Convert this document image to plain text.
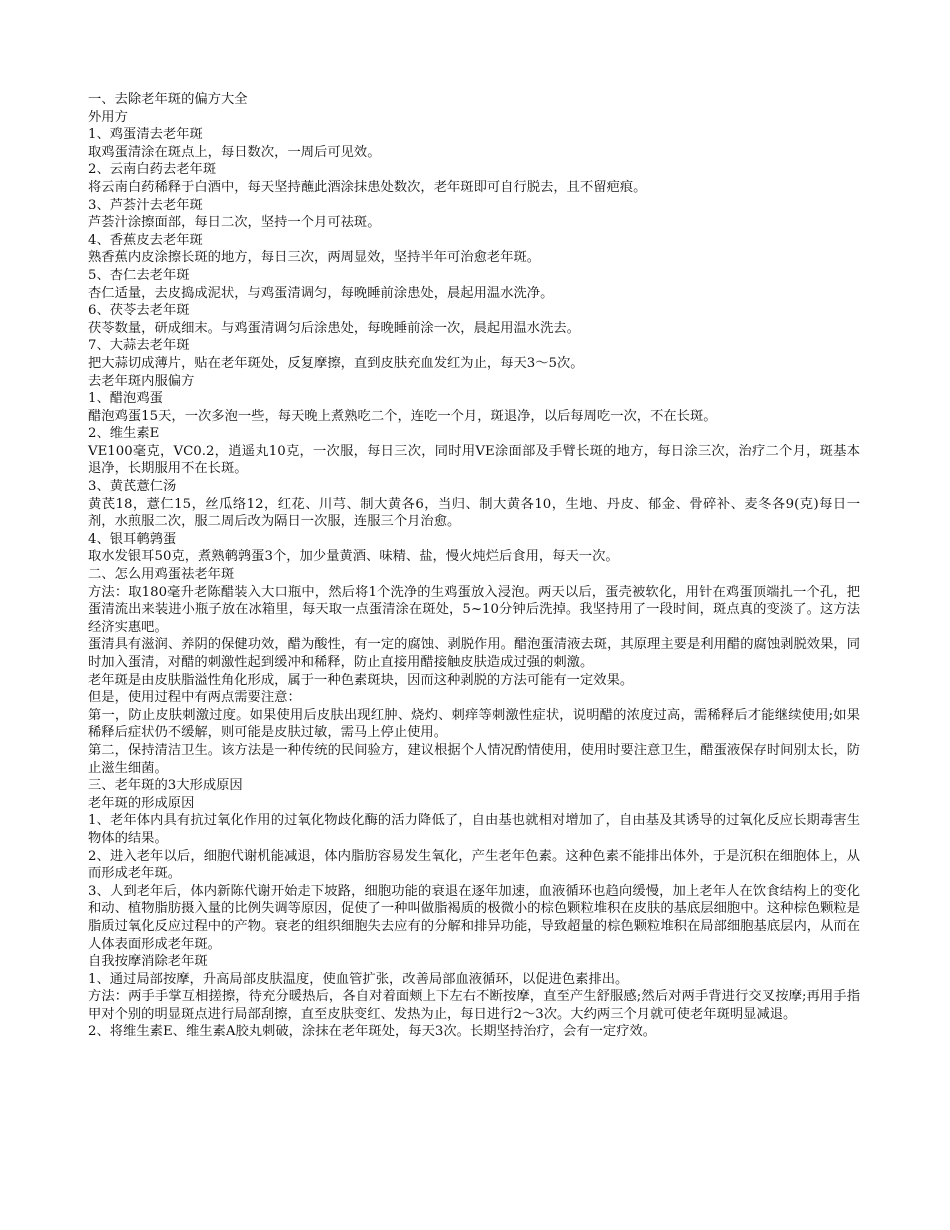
一、去除老年斑的偏方大全

外用方

1、鸡蛋清去老年斑

取鸡蛋清涂在斑点上，每日数次，一周后可见效。

2、云南白药去老年斑

将云南白药稀释于白酒中，每天坚持蘸此酒涂抹患处数次，老年斑即可自行脱去，且不留疤痕。

3、芦荟汁去老年斑

芦荟汁涂擦面部，每日二次，坚持一个月可祛斑。

4、香蕉皮去老年斑

熟香蕉内皮涂擦长斑的地方，每日三次，两周显效，坚持半年可治愈老年斑。

5、杏仁去老年斑

杏仁适量，去皮捣成泥状，与鸡蛋清调匀，每晚睡前涂患处，晨起用温水洗净。

6、茯苓去老年斑

茯苓数量，研成细末。与鸡蛋清调匀后涂患处，每晚睡前涂一次，晨起用温水洗去。

7、大蒜去老年斑

把大蒜切成薄片，贴在老年斑处，反复摩擦，直到皮肤充血发红为止，每天3～5次。

去老年斑内服偏方

1、醋泡鸡蛋

醋泡鸡蛋15天，一次多泡一些，每天晚上煮熟吃二个，连吃一个月，斑退净，以后每周吃一次，不在长斑。

2、维生素E

VE100毫克，VC0.2，逍遥丸10克，一次服，每日三次，同时用VE涂面部及手臂长斑的地方，每日涂三次，治疗二个月，斑基本退净，长期服用不在长斑。

3、黄芪薏仁汤

黄芪18，薏仁15，丝瓜络12，红花、川芎、制大黄各6，当归、制大黄各10，生地、丹皮、郁金、骨碎补、麦冬各9(克)每日一剂，水煎服二次，服二周后改为隔日一次服，连服三个月治愈。

4、银耳鹌鹑蛋

取水发银耳50克，煮熟鹌鹑蛋3个，加少量黄酒、味精、盐，慢火炖烂后食用，每天一次。

二、怎么用鸡蛋祛老年斑

方法：取180毫升老陈醋装入大口瓶中，然后将1个洗净的生鸡蛋放入浸泡。两天以后，蛋壳被软化，用针在鸡蛋顶端扎一个孔，把蛋清流出来装进小瓶子放在冰箱里，每天取一点蛋清涂在斑处，5~10分钟后洗掉。我坚持用了一段时间，斑点真的变淡了。这方法经济实惠吧。

蛋清具有滋润、养阴的保健功效，醋为酸性，有一定的腐蚀、剥脱作用。醋泡蛋清液去斑，其原理主要是利用醋的腐蚀剥脱效果，同时加入蛋清，对醋的刺激性起到缓冲和稀释，防止直接用醋接触皮肤造成过强的刺激。

老年斑是由皮肤脂溢性角化形成，属于一种色素斑块，因而这种剥脱的方法可能有一定效果。

但是，使用过程中有两点需要注意：

第一，防止皮肤刺激过度。如果使用后皮肤出现红肿、烧灼、刺痒等刺激性症状，说明醋的浓度过高，需稀释后才能继续使用;如果稀释后症状仍不缓解，则可能是皮肤过敏，需马上停止使用。

第二，保持清洁卫生。该方法是一种传统的民间验方，建议根据个人情况酌情使用，使用时要注意卫生，醋蛋液保存时间别太长，防止滋生细菌。

三、老年斑的3大形成原因

老年斑的形成原因

1、老年体内具有抗过氧化作用的过氧化物歧化酶的活力降低了，自由基也就相对增加了，自由基及其诱导的过氧化反应长期毒害生物体的结果。

2、进入老年以后，细胞代谢机能减退，体内脂肪容易发生氧化，产生老年色素。这种色素不能排出体外，于是沉积在细胞体上，从而形成老年斑。

3、人到老年后，体内新陈代谢开始走下坡路，细胞功能的衰退在逐年加速，血液循环也趋向缓慢，加上老年人在饮食结构上的变化和动、植物脂肪摄入量的比例失调等原因，促使了一种叫做脂褐质的极微小的棕色颗粒堆积在皮肤的基底层细胞中。这种棕色颗粒是脂质过氧化反应过程中的产物。衰老的组织细胞失去应有的分解和排异功能，导致超量的棕色颗粒堆积在局部细胞基底层内，从而在人体表面形成老年斑。

自我按摩消除老年斑

1、通过局部按摩，升高局部皮肤温度，使血管扩张，改善局部血液循环，以促进色素排出。

方法：两手手掌互相搓擦，待充分暖热后，各自对着面颊上下左右不断按摩，直至产生舒服感;然后对两手背进行交叉按摩;再用手指甲对个别的明显斑点进行局部刮擦，直至皮肤变红、发热为止，每日进行2～3次。大约两三个月就可使老年斑明显减退。

2、将维生素E、维生素A胶丸刺破，涂抹在老年斑处，每天3次。长期坚持治疗，会有一定疗效。
